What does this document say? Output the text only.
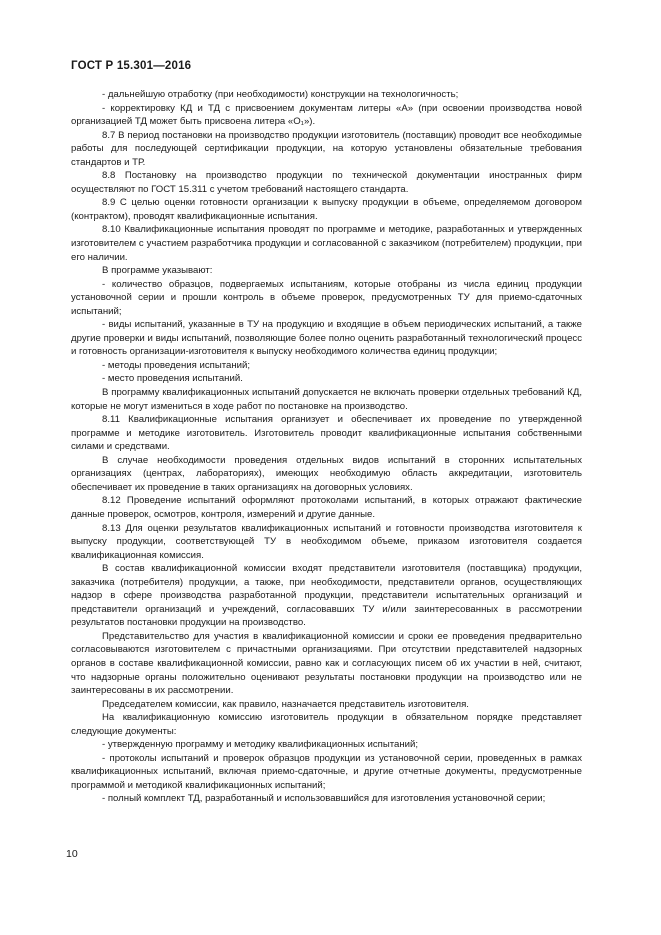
ГОСТ Р 15.301—2016

- дальнейшую отработку (при необходимости) конструкции на технологичность;

- корректировку КД и ТД с присвоением документам литеры «А» (при освоении производства новой организацией ТД может быть присвоена литера «О₁»).

8.7 В период постановки на производство продукции изготовитель (поставщик) проводит все необходимые работы для последующей сертификации продукции, на которую установлены обязательные требования стандартов и ТР.

8.8 Постановку на производство продукции по технической документации иностранных фирм осуществляют по ГОСТ 15.311 с учетом требований настоящего стандарта.

8.9 С целью оценки готовности организации к выпуску продукции в объеме, определяемом договором (контрактом), проводят квалификационные испытания.

8.10 Квалификационные испытания проводят по программе и методике, разработанных и утвержденных изготовителем с участием разработчика продукции и согласованной с заказчиком (потребителем) продукции, при его наличии.

В программе указывают:

- количество образцов, подвергаемых испытаниям, которые отобраны из числа единиц продукции установочной серии и прошли контроль в объеме проверок, предусмотренных ТУ для приемо-сдаточных испытаний;

- виды испытаний, указанные в ТУ на продукцию и входящие в объем периодических испытаний, а также другие проверки и виды испытаний, позволяющие более полно оценить разработанный технологический процесс и готовность организации-изготовителя к выпуску необходимого количества единиц продукции;

- методы проведения испытаний;

- место проведения испытаний.

В программу квалификационных испытаний допускается не включать проверки отдельных требований КД, которые не могут измениться в ходе работ по постановке на производство.

8.11 Квалификационные испытания организует и обеспечивает их проведение по утвержденной программе и методике изготовитель. Изготовитель проводит квалификационные испытания собственными силами и средствами.

В случае необходимости проведения отдельных видов испытаний в сторонних испытательных организациях (центрах, лабораториях), имеющих необходимую область аккредитации, изготовитель обеспечивает их проведение в таких организациях на договорных условиях.

8.12 Проведение испытаний оформляют протоколами испытаний, в которых отражают фактические данные проверок, осмотров, контроля, измерений и другие данные.

8.13 Для оценки результатов квалификационных испытаний и готовности производства изготовителя к выпуску продукции, соответствующей ТУ в необходимом объеме, приказом изготовителя создается квалификационная комиссия.

В состав квалификационной комиссии входят представители изготовителя (поставщика) продукции, заказчика (потребителя) продукции, а также, при необходимости, представители органов, осуществляющих надзор в сфере производства разработанной продукции, представители испытательных организаций и представители организаций и учреждений, согласовавших ТУ и/или заинтересованных в рассмотрении результатов постановки продукции на производство.

Представительство для участия в квалификационной комиссии и сроки ее проведения предварительно согласовываются изготовителем с причастными организациями. При отсутствии представителей надзорных органов в составе квалификационной комиссии, равно как и согласующих писем об их участии в ней, считают, что надзорные органы положительно оценивают результаты постановки продукции на производство или не заинтересованы в их рассмотрении.

Председателем комиссии, как правило, назначается представитель изготовителя.

На квалификационную комиссию изготовитель продукции в обязательном порядке представляет следующие документы:

- утвержденную программу и методику квалификационных испытаний;

- протоколы испытаний и проверок образцов продукции из установочной серии, проведенных в рамках квалификационных испытаний, включая приемо-сдаточные, и другие отчетные документы, предусмотренные программой и методикой квалификационных испытаний;

- полный комплект ТД, разработанный и использовавшийся для изготовления установочной серии;

10
